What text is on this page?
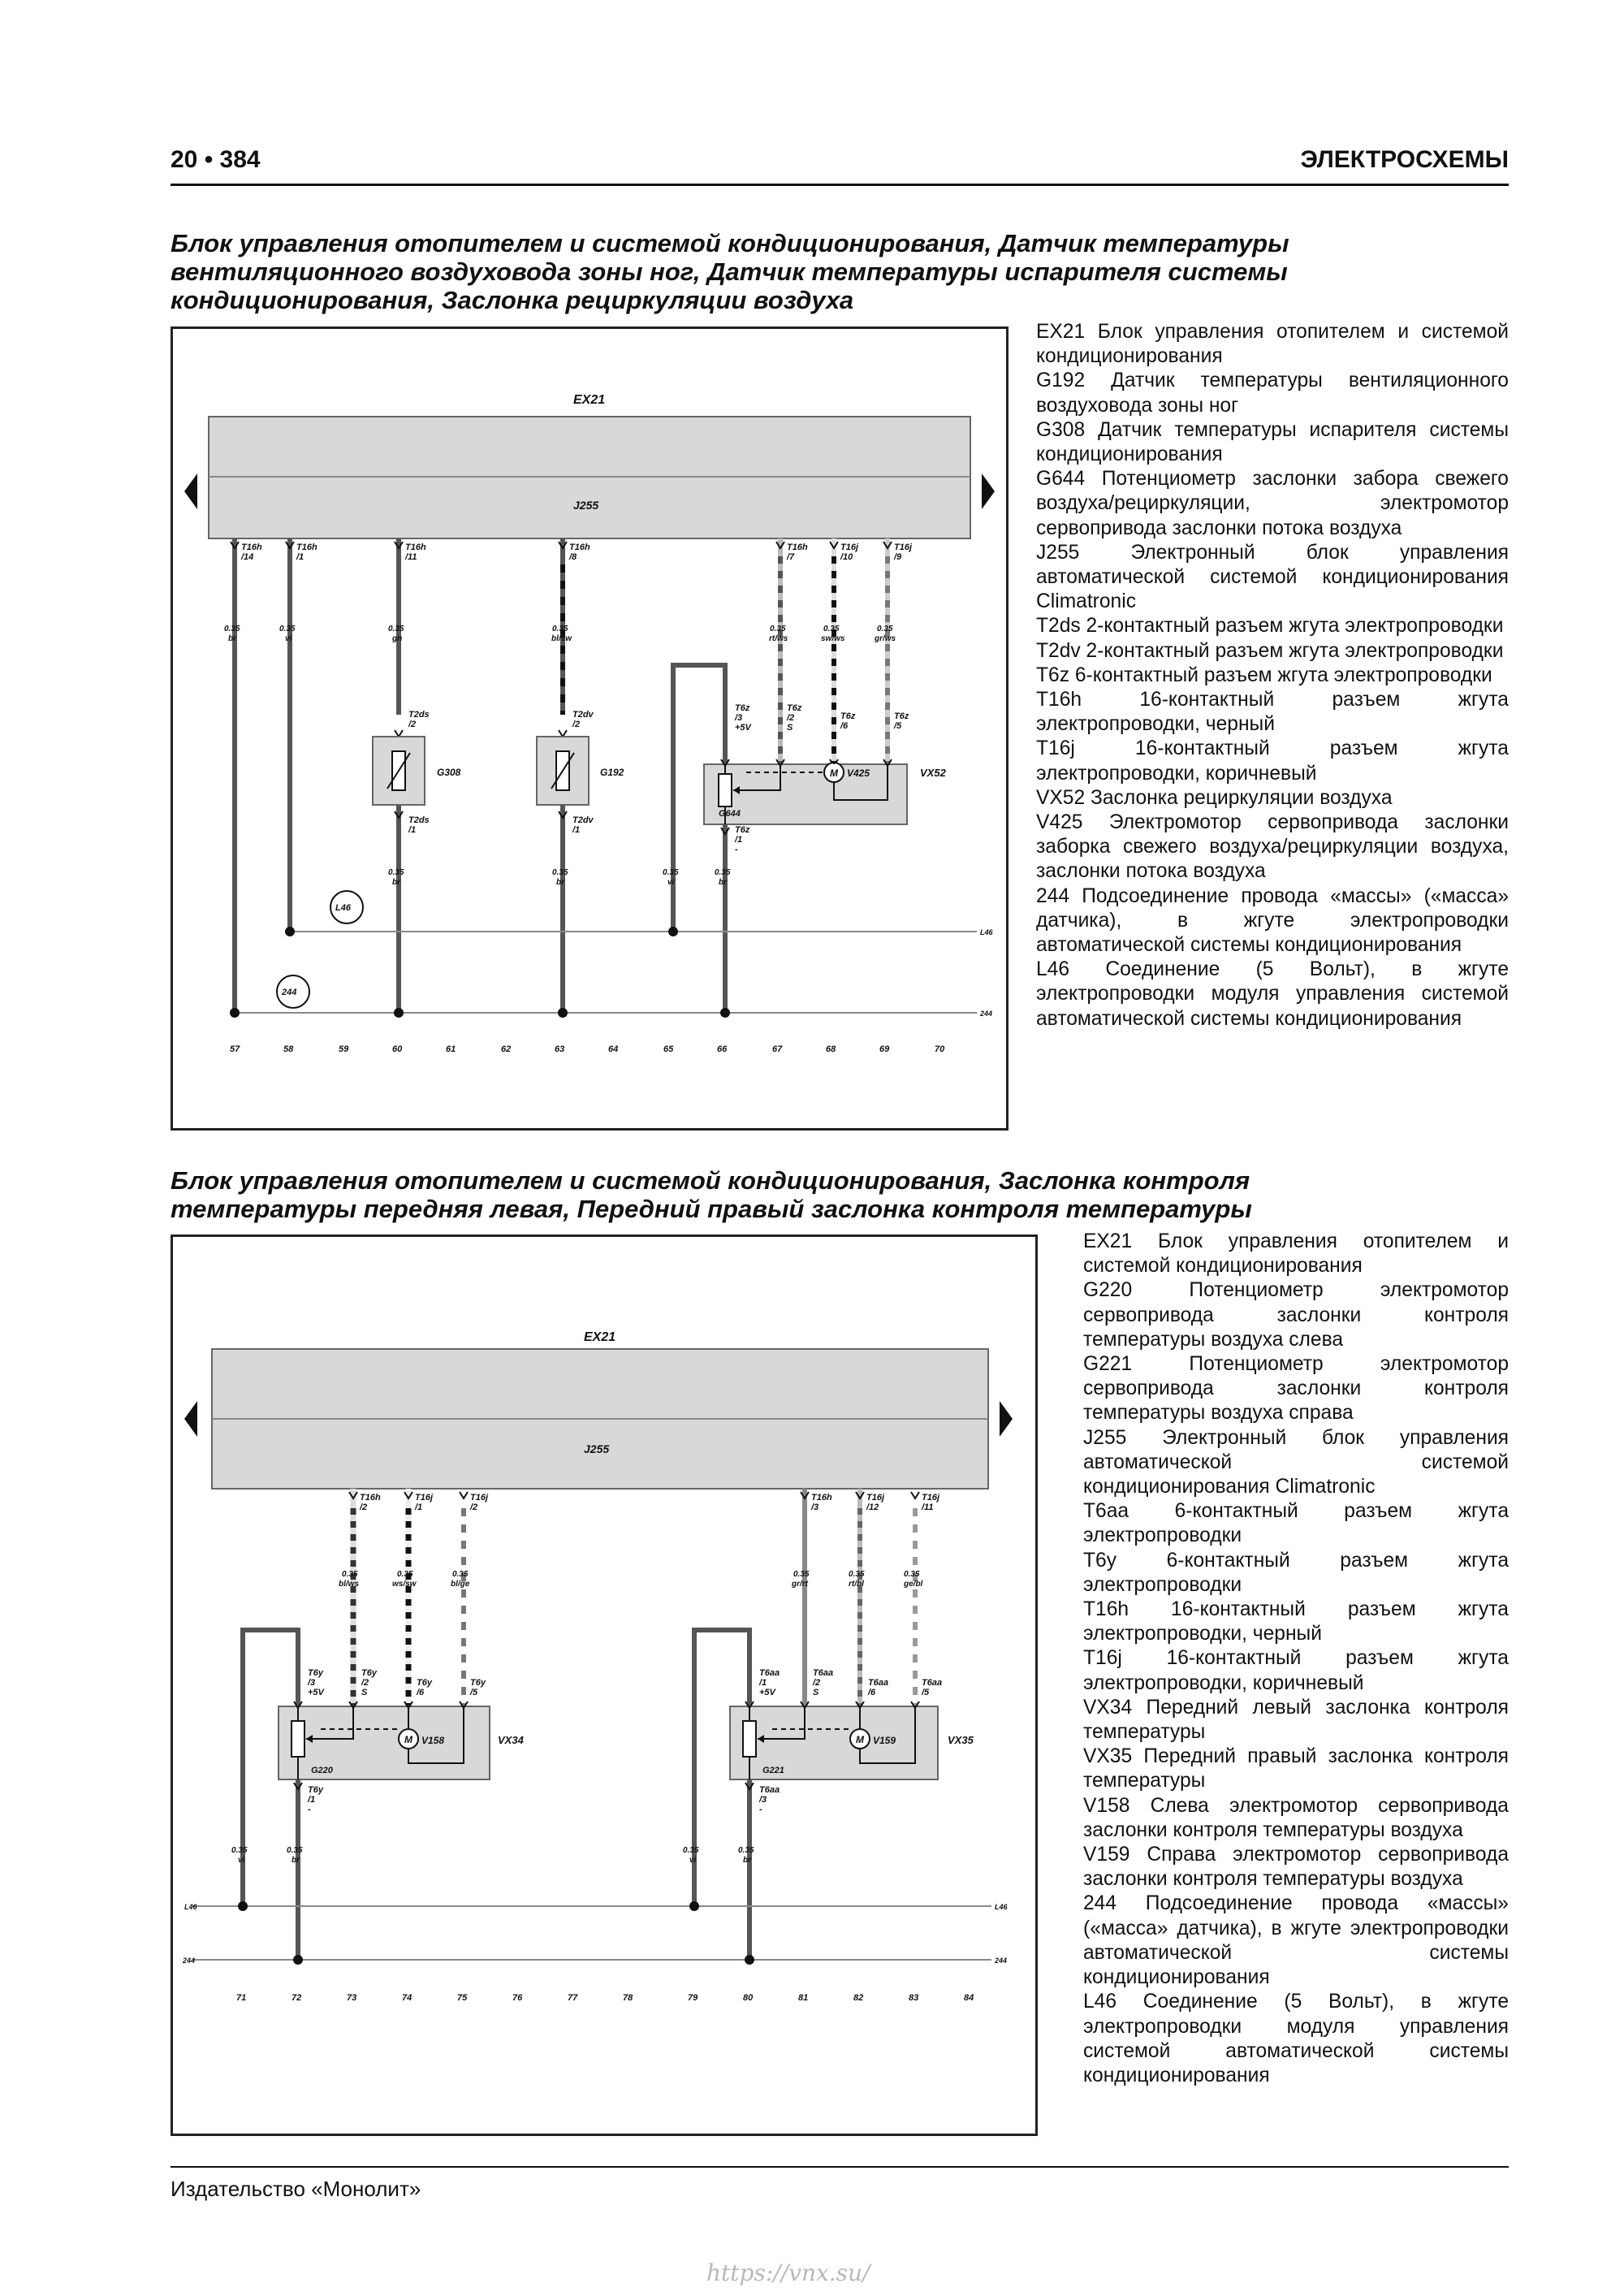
20 • 384	ЭЛЕКТРОСХЕМЫ
Блок управления отопителем и системой кондиционирования, Датчик температуры
вентиляционного воздуховода зоны ног, Датчик температуры испарителя системы
кондиционирования, Заслонка рециркуляции воздуха
EX21
J255
T16h
/14
0.35
br
T16h
/1
0.35
vi
T16h
/11
0.35
gn
T16h
/8
0.35
bl/sw
T16h
/7
0.35
rt/ws
T16j
/10
0.35
sw/ws
T16j
/9
0.35
gr/ws
T2ds
/2
G308
T2ds
/1
0.35
br
T2dv
/2
G192
T2dv
/1
0.35
br
T6z
/3
+5V
T6z
/2
S
T6z
/6
T6z
/5
G644
M V425	VX52
T6z
/1
-
0.35
vi
0.35
br
L46
L46
244
244
57	58	59	60	61	62	63	64	65	66	67	68	69	70
EX21 Блок управления отопителем и системой кондиционирования
G192 Датчик температуры вентиляционного воздуховода зоны ног
G308 Датчик температуры испарителя системы кондиционирования
G644 Потенциометр заслонки забора свежего воздуха/рециркуляции, электромотор сервопривода заслонки потока воздуха
J255 Электронный блок управления автоматической системой кондиционирования Climatronic
T2ds 2-контактный разъем жгута электропроводки
T2dv 2-контактный разъем жгута электропроводки
T6z 6-контактный разъем жгута электропроводки
T16h 16-контактный разъем жгута электропроводки, черный
T16j 16-контактный разъем жгута электропроводки, коричневый
VX52 Заслонка рециркуляции воздуха
V425 Электромотор сервопривода заслонки заборка свежего воздуха/рециркуляции воздуха, заслонки потока воздуха
244 Подсоединение провода «массы» («масса» датчика), в жгуте электропроводки автоматической системы кондиционирования
L46 Соединение (5 Вольт), в жгуте электропроводки модуля управления системой автоматической системы кондиционирования
Блок управления отопителем и системой кондиционирования, Заслонка контроля
температуры передняя левая, Передний правый заслонка контроля температуры
EX21
J255
T16h
/2
0.35
bl/ws
T16j
/1
0.35
ws/sw
T16j
/2
0.35
bl/ge
T16h
/3
0.35
gr/rt
T16j
/12
0.35
rt/bl
T16j
/11
0.35
ge/bl
T6y
/3
+5V
T6y
/2
S
T6y
/6
T6y
/5
G220
M V158	VX34
T6y
/1
-
0.35
vi
0.35
br
T6aa
/1
+5V
T6aa
/2
S
T6aa
/6
T6aa
/5
G221
M V159	VX35
T6aa
/3
-
0.35
vi
0.35
br
L46	L46
244	244
71	72	73	74	75	76	77	78	79	80	81	82	83	84
EX21 Блок управления отопителем и системой кондиционирования
G220 Потенциометр электромотор сервопривода заслонки контроля температуры воздуха слева
G221 Потенциометр электромотор сервопривода заслонки контроля температуры воздуха справа
J255 Электронный блок управления автоматической системой кондиционирования Climatronic
T6aa 6-контактный разъем жгута электропроводки
T6y 6-контактный разъем жгута электропроводки
T16h 16-контактный разъем жгута электропроводки, черный
T16j 16-контактный разъем жгута электропроводки, коричневый
VX34 Передний левый заслонка контроля температуры
VX35 Передний правый заслонка контроля температуры
V158 Слева электромотор сервопривода заслонки контроля температуры воздуха
V159 Справа электромотор сервопривода заслонки контроля температуры воздуха
244 Подсоединение провода «массы» («масса» датчика), в жгуте электропроводки автоматической системы кондиционирования
L46 Соединение (5 Вольт), в жгуте электропроводки модуля управления системой автоматической системы кондиционирования
Издательство «Монолит»
https://vnx.su/
